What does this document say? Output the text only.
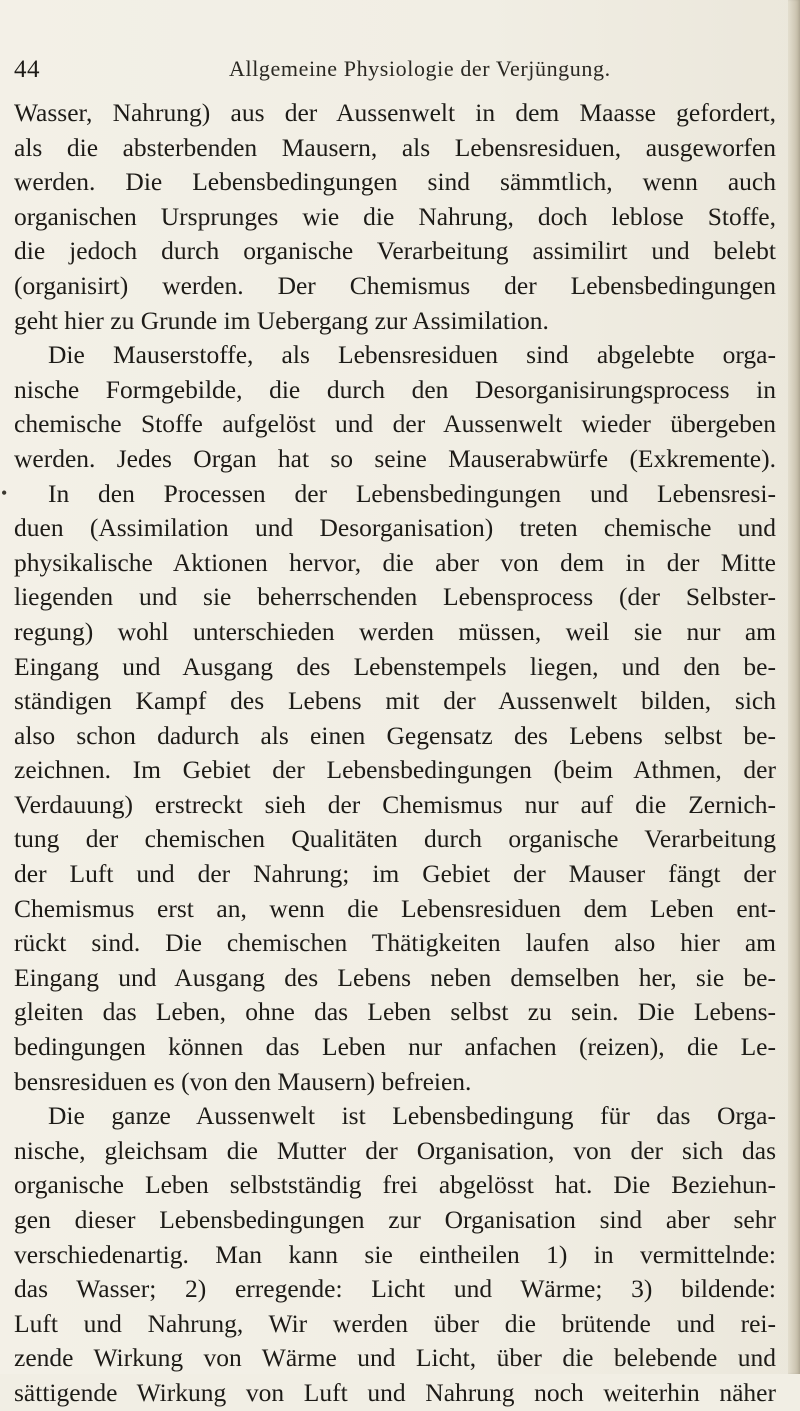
44	Allgemeine Physiologie der Verjüngung.
•
Wasser, Nahrung) aus der Aussenwelt in dem Maasse gefordert,
als die absterbenden Mausern, als Lebensresiduen, ausgeworfen
werden. Die Lebensbedingungen sind sämmtlich, wenn auch
organischen Ursprunges wie die Nahrung, doch leblose Stoffe,
die jedoch durch organische Verarbeitung assimilirt und belebt
(organisirt) werden. Der Chemismus der Lebensbedingungen
geht hier zu Grunde im Uebergang zur Assimilation.
Die Mauserstoffe, als Lebensresiduen sind abgelebte orga-
nische Formgebilde, die durch den Desorganisirungsprocess in
chemische Stoffe aufgelöst und der Aussenwelt wieder übergeben
werden. Jedes Organ hat so seine Mauserabwürfe (Exkremente).
In den Processen der Lebensbedingungen und Lebensresi-
duen (Assimilation und Desorganisation) treten chemische und
physikalische Aktionen hervor, die aber von dem in der Mitte
liegenden und sie beherrschenden Lebensprocess (der Selbster-
regung) wohl unterschieden werden müssen, weil sie nur am
Eingang und Ausgang des Lebenstempels liegen, und den be-
ständigen Kampf des Lebens mit der Aussenwelt bilden, sich
also schon dadurch als einen Gegensatz des Lebens selbst be-
zeichnen. Im Gebiet der Lebensbedingungen (beim Athmen, der
Verdauung) erstreckt sieh der Chemismus nur auf die Zernich-
tung der chemischen Qualitäten durch organische Verarbeitung
der Luft und der Nahrung; im Gebiet der Mauser fängt der
Chemismus erst an, wenn die Lebensresiduen dem Leben ent-
rückt sind. Die chemischen Thätigkeiten laufen also hier am
Eingang und Ausgang des Lebens neben demselben her, sie be-
gleiten das Leben, ohne das Leben selbst zu sein. Die Lebens-
bedingungen können das Leben nur anfachen (reizen), die Le-
bensresiduen es (von den Mausern) befreien.
Die ganze Aussenwelt ist Lebensbedingung für das Orga-
nische, gleichsam die Mutter der Organisation, von der sich das
organische Leben selbstständig frei abgelösst hat. Die Beziehun-
gen dieser Lebensbedingungen zur Organisation sind aber sehr
verschiedenartig. Man kann sie eintheilen 1) in vermittelnde:
das Wasser; 2) erregende: Licht und Wärme; 3) bildende:
Luft und Nahrung, Wir werden über die brütende und rei-
zende Wirkung von Wärme und Licht, über die belebende und
sättigende Wirkung von Luft und Nahrung noch weiterhin näher
